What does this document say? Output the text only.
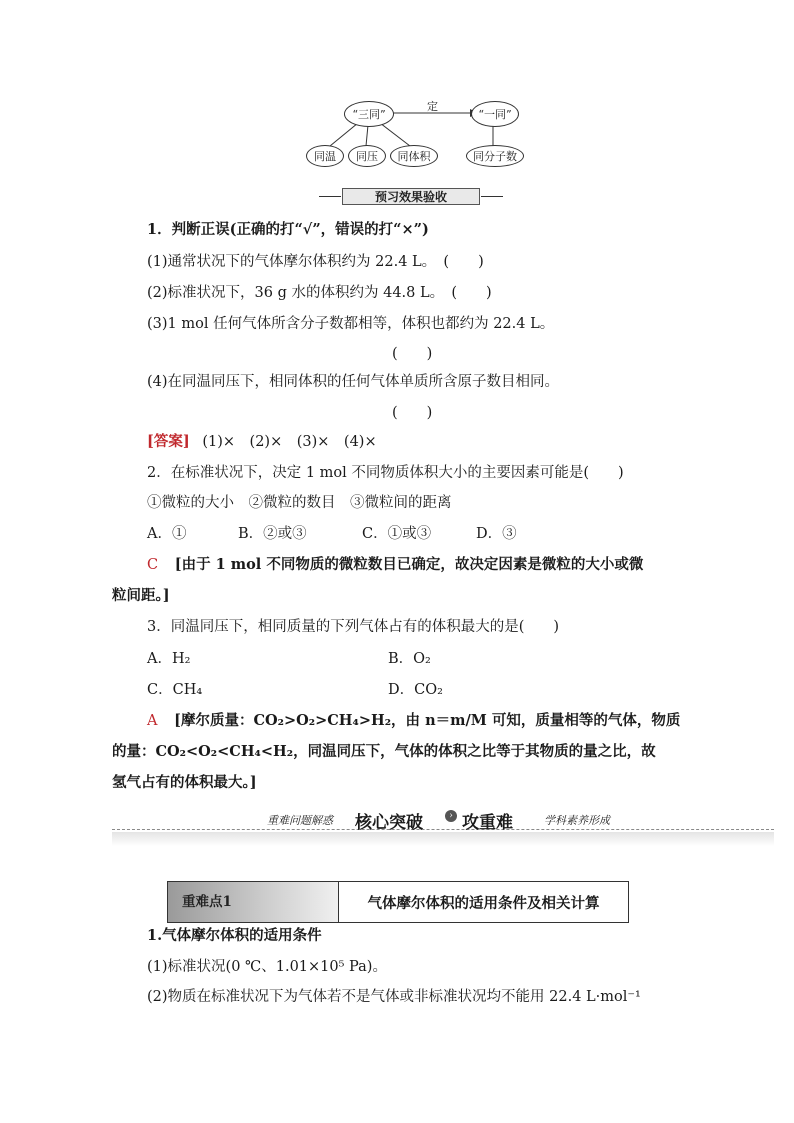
“三同”
定
“一同”
同温 同压 同体积	同分子数
预习效果验收
1．判断正误(正确的打“√”，错误的打“×”)
(1)通常状况下的气体摩尔体积约为 22.4 L。　(　　)
(2)标准状况下，36 g 水的体积约为 44.8 L。　(　　)
(3)1 mol 任何气体所含分子数都相等，体积也都约为 22.4 L。
(　　)
(4)在同温同压下，相同体积的任何气体单质所含原子数目相同。
(　　)
[答案] (1)×　(2)×　(3)×　(4)×
2．在标准状况下，决定 1 mol 不同物质体积大小的主要因素可能是(　　)
①微粒的大小　②微粒的数目　③微粒间的距离
A．①	B．②或③	C．①或③	D．③
C [由于 1 mol 不同物质的微粒数目已确定，故决定因素是微粒的大小或微
粒间距。]
3．同温同压下，相同质量的下列气体占有的体积最大的是(　　)
A．H₂	B．O₂
C．CH₄	D．CO₂
A [摩尔质量：CO₂>O₂>CH₄>H₂，由 n＝m/M 可知，质量相等的气体，物质
的量：CO₂<O₂<CH₄<H₂，同温同压下，气体的体积之比等于其物质的量之比，故
氢气占有的体积最大。]
重难问题解惑 核心突破	› 攻重难	学科素养形成
重难点1	气体摩尔体积的适用条件及相关计算
1.气体摩尔体积的适用条件
(1)标准状况(0 ℃、1.01×10⁵ Pa)。
(2)物质在标准状况下为气体若不是气体或非标准状况均不能用 22.4 L·mol⁻¹
